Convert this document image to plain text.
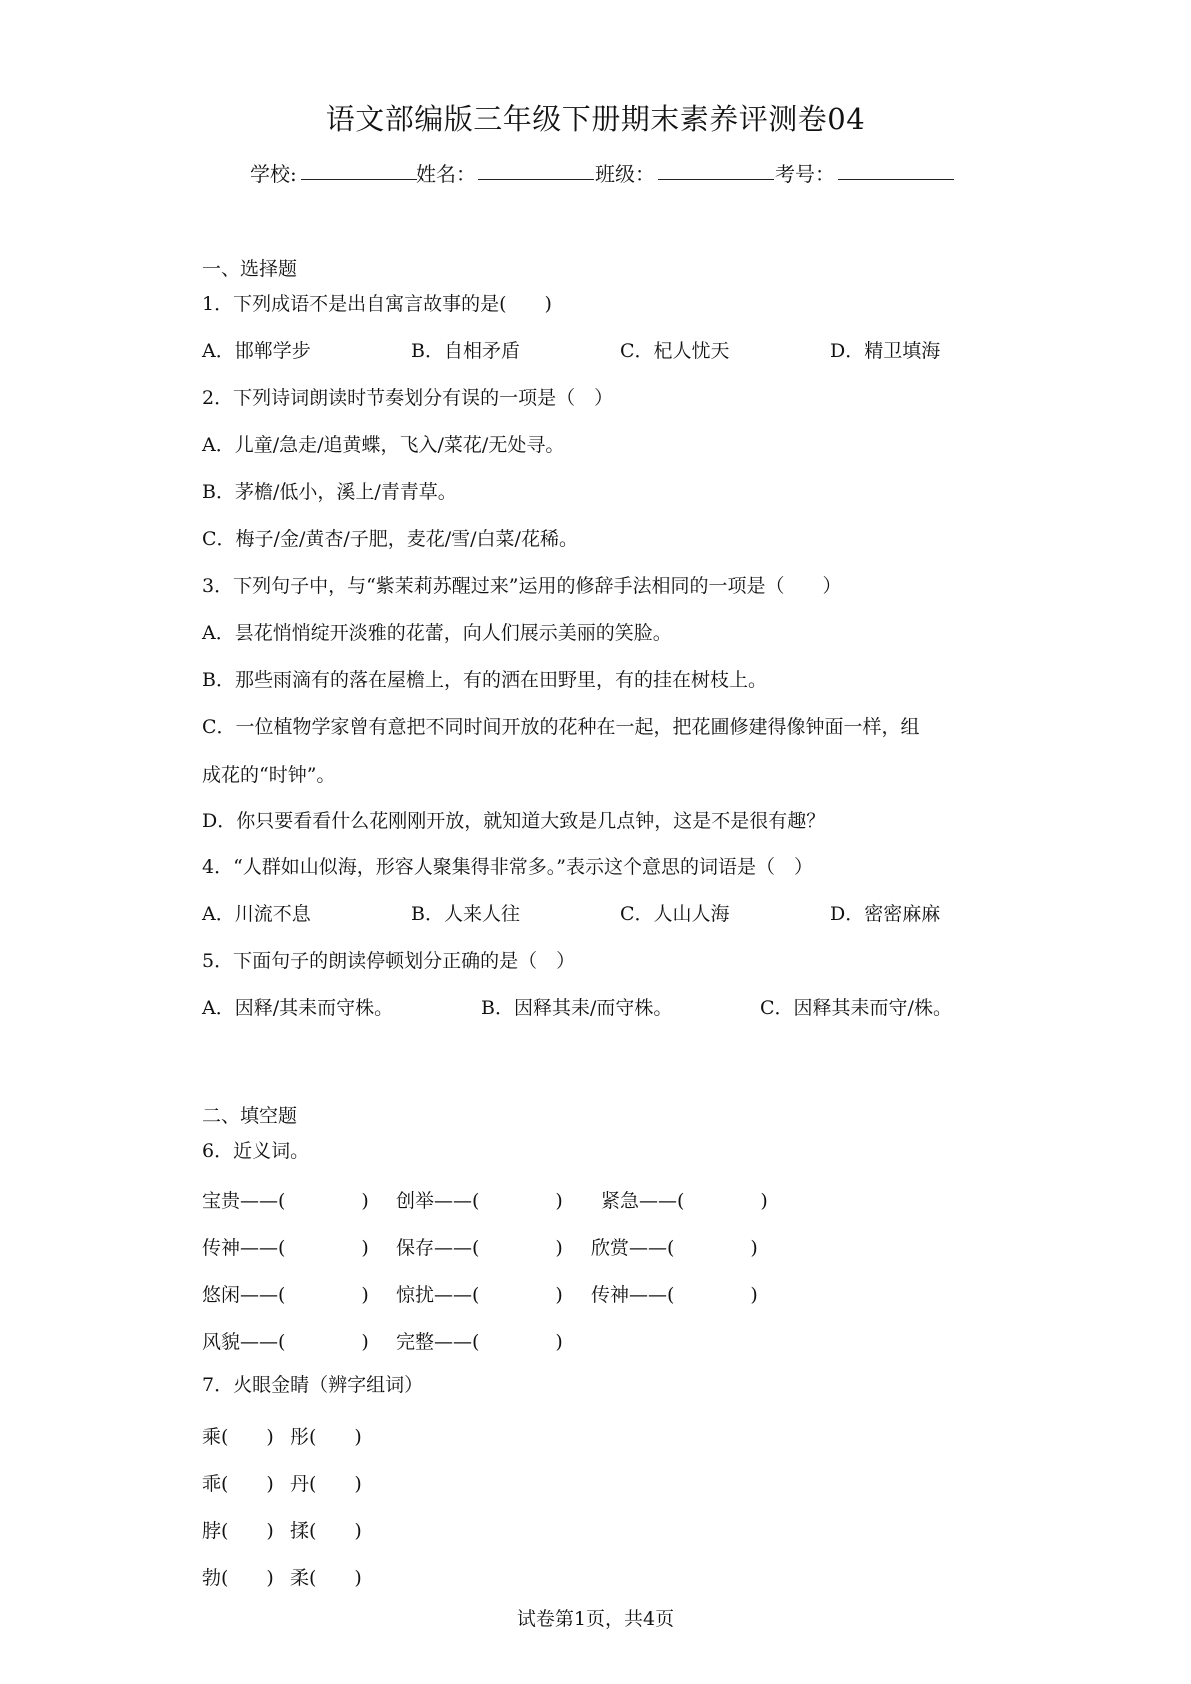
语文部编版三年级下册期末素养评测卷04
学校:	姓名：	班级：	考号：
一、选择题
1．下列成语不是出自寓言故事的是(　　)
A．邯郸学步	B．自相矛盾	C．杞人忧天	D．精卫填海
2．下列诗词朗读时节奏划分有误的一项是（　）
A．儿童/急走/追黄蝶，飞入/菜花/无处寻。
B．茅檐/低小，溪上/青青草。
C．梅子/金/黄杏/子肥，麦花/雪/白菜/花稀。
3．下列句子中，与“紫茉莉苏醒过来”运用的修辞手法相同的一项是（　　）
A．昙花悄悄绽开淡雅的花蕾，向人们展示美丽的笑脸。
B．那些雨滴有的落在屋檐上，有的洒在田野里，有的挂在树枝上。
C．一位植物学家曾有意把不同时间开放的花种在一起，把花圃修建得像钟面一样，组
成花的“时钟”。
D．你只要看看什么花刚刚开放，就知道大致是几点钟，这是不是很有趣？
4．“人群如山似海，形容人聚集得非常多。”表示这个意思的词语是（　）
A．川流不息	B．人来人往	C．人山人海	D．密密麻麻
5．下面句子的朗读停顿划分正确的是（　）
A．因释/其耒而守株。	B．因释其耒/而守株。	C．因释其耒而守/株。
二、填空题
6．近义词。
宝贵——(　　　　) 创举——(　　　　) 紧急——(　　　　)
传神——(　　　　) 保存——(　　　　) 欣赏——(　　　　)
悠闲——(　　　　) 惊扰——(　　　　) 传神——(　　　　)
风貌——(　　　　) 完整——(　　　　)
7．火眼金睛（辨字组词）
乘(　　) 彤(　　)
乖(　　) 丹(　　)
脖(　　) 揉(　　)
勃(　　) 柔(　　)
试卷第1页，共4页
